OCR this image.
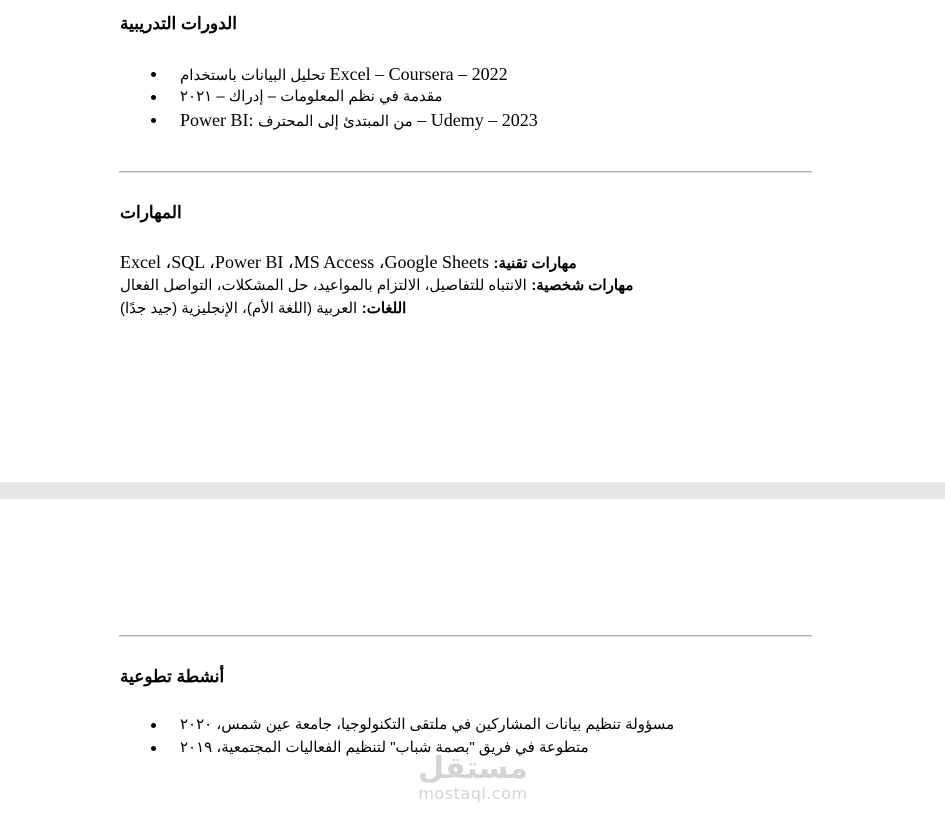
الدورات التدريبية
Excel – Coursera – 2022 تحليل البيانات باستخدام
مقدمة في نظم المعلومات – إدراك – ٢٠٢١
Power BI: من المبتدئ إلى المحترف – Udemy – 2023
المهارات
مهارات تقنية: Excel ،SQL ،Power BI ،MS Access ،Google Sheets
مهارات شخصية: الانتباه للتفاصيل، الالتزام بالمواعيد، حل المشكلات، التواصل الفعال
اللغات: العربية (اللغة الأم)، الإنجليزية (جيد جدًا)
أنشطة تطوعية
مسؤولة تنظيم بيانات المشاركين في ملتقى التكنولوجيا، جامعة عين شمس، ٢٠٢٠
متطوعة في فريق "بصمة شباب" لتنظيم الفعاليات المجتمعية، ٢٠١٩
مستقل
mostaql.com
